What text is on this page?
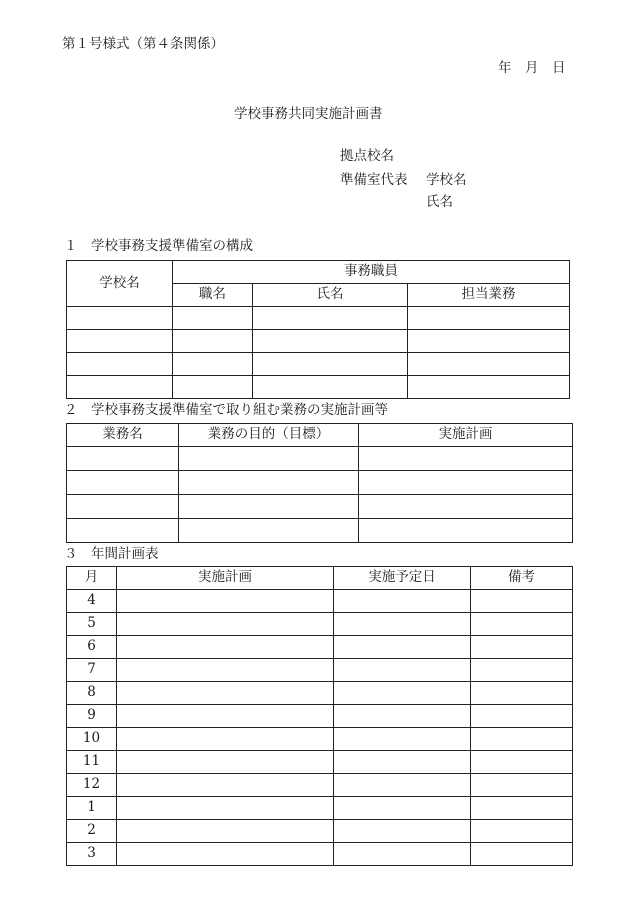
第１号様式（第４条関係）
年　月　日
学校事務共同実施計画書
拠点校名
準備室代表 学校名
氏名
１　学校事務支援準備室の構成
学校名	事務職員		
	職名	氏名	担当業務

２　学校事務支援準備室で取り組む業務の実施計画等
業務名	業務の目的（目標）	実施計画

３　年間計画表
月	実施計画	実施予定日	備考
4			
5			
6			
7			
8			
9			
10			
11			
12			
1			
2			
3			
